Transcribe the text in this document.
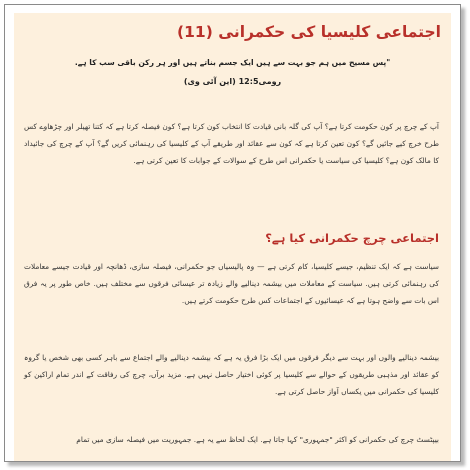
اجتماعی کلیسیا کی حکمرانی (11)
"پس مسیح میں ہم جو بہت سے ہیں ایک جسم بناتے ہیں اور ہر رکن باقی سب کا ہے.
رومی12:5 (این آئی وی)

آپ کے چرچ پر کون حکومت کرتا ہے؟ آپ کی گلہ بانی قیادت کا انتخاب کون کرتا ہے؟ کون فیصلہ کرتا ہے کہ کتنا تھیلر اور چڑھاوے کس طرح خرچ کیے جائیں گے؟ کون تعین کرتا ہے کہ کون سے عقائد اور طریقے آپ کے کلیسیا کی رہنمائی کریں گے؟ آپ کے چرچ کی جائیداد کا مالک کون ہے؟ کلیسیا کی سیاست یا حکمرانی اس طرح کے سوالات کے جوابات کا تعین کرتی ہے.

اجتماعی چرچ حکمرانی کیا ہے؟

سیاست ہے کہ ایک تنظیم، جیسے کلیسیا، کام کرتی ہے — وہ پالیسیاں جو حکمرانی، فیصلہ سازی، ڈھانچہ اور قیادت جیسے معاملات کی رہنمائی کرتی ہیں. سیاست کے معاملات میں بیشمہ دینالیے والے زیادہ تر عیسائی فرقوں سے مختلف ہیں. خاص طور پر یہ فرق اس بات سے واضح ہوتا ہے کہ عیسائیوں کے اجتماعات کس طرح حکومت کرتے ہیں.

بیشمہ دینالیے والوں اور بہت سے دیگر فرقوں میں ایک بڑا فرق یہ ہے کہ بیشمہ دینالیے والے اجتماع سے باہر کسی بھی شخص یا گروہ کو عقائد اور مذہبی طریقوں کے حوالے سے کلیسیا پر کوئی اختیار حاصل نہیں ہے. مزید برآں، چرچ کی رفاقت کے اندر تمام اراکین کو کلیسیا کی حکمرانی میں یکساں آواز حاصل کرتی ہے.

بیپٹسٹ چرچ کی حکمرانی کو اکثر "جمہوری" کہا جاتا ہے. ایک لحاظ سے یہ ہے. جمہوریت میں فیصلہ سازی میں تمام
